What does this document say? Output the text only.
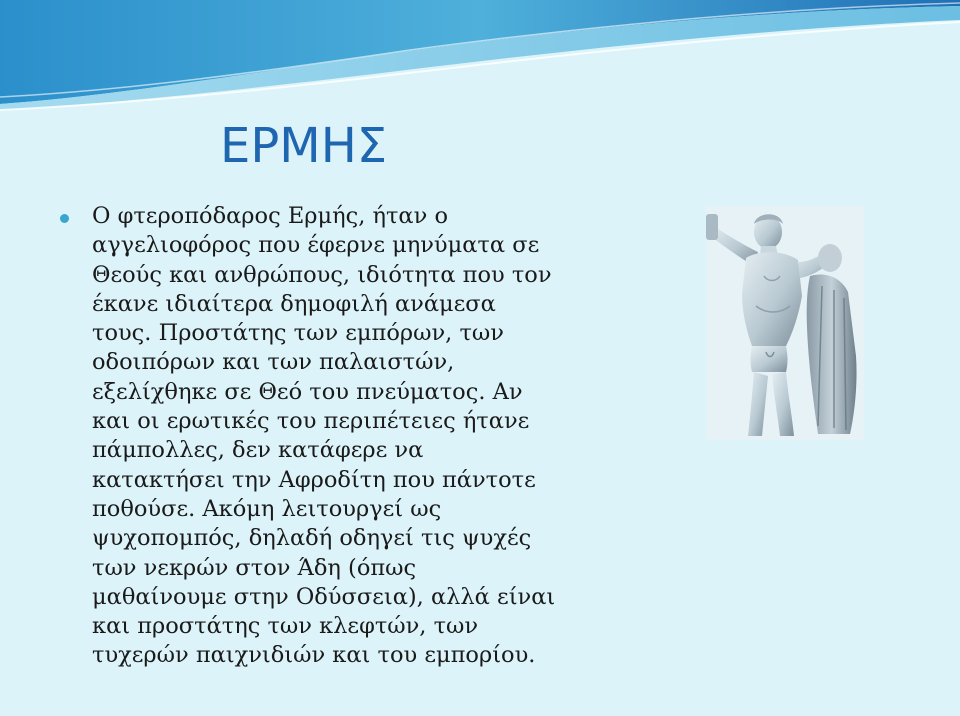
ΕΡΜΗΣ
Ο φτεροπόδαρος Ερμής, ήταν ο
αγγελιοφόρος που έφερνε μηνύματα σε
Θεούς και ανθρώπους, ιδιότητα που τον
έκανε ιδιαίτερα δημοφιλή ανάμεσα
τους. Προστάτης των εμπόρων, των
οδοιπόρων και των παλαιστών,
εξελίχθηκε σε Θεό του πνεύματος. Αν
και οι ερωτικές του περιπέτειες ήτανε
πάμπολλες, δεν κατάφερε να
κατακτήσει την Αφροδίτη που πάντοτε
ποθούσε. Ακόμη λειτουργεί ως
ψυχοπομπός, δηλαδή οδηγεί τις ψυχές
των νεκρών στον Άδη (όπως
μαθαίνουμε στην Οδύσσεια), αλλά είναι
και προστάτης των κλεφτών, των
τυχερών παιχνιδιών και του εμπορίου.
